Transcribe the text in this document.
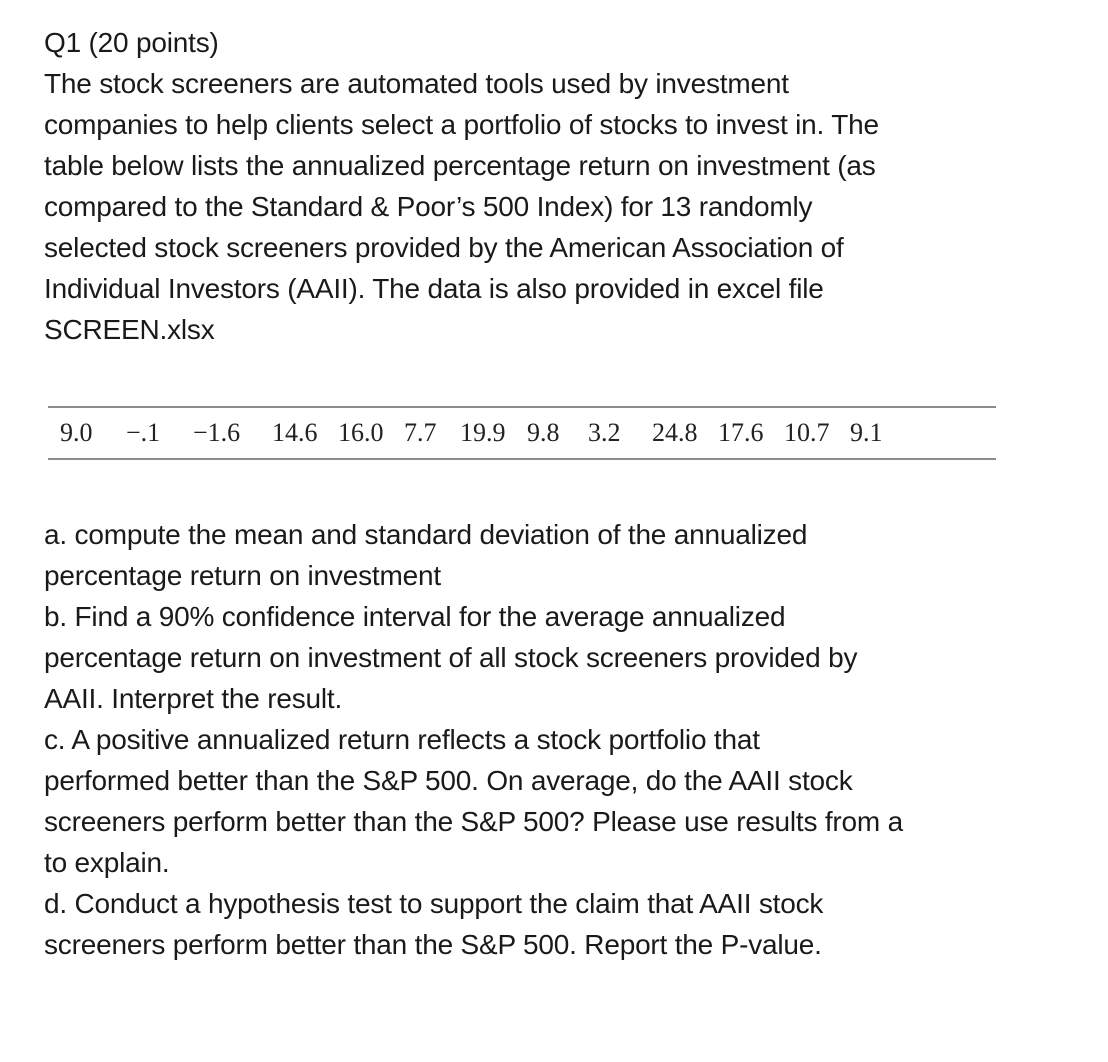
Q1 (20 points)

The stock screeners are automated tools used by investment

companies to help clients select a portfolio of stocks to invest in. The

table below lists the annualized percentage return on investment (as

compared to the Standard & Poor’s 500 Index) for 13 randomly

selected stock screeners provided by the American Association of

Individual Investors (AAII). The data is also provided in excel file

SCREEN.xlsx

9.0	−.1	−1.6	14.6 16.0 7.7 19.9 9.8	3.2	24.8 17.6 10.7 9.1

a. compute the mean and standard deviation of the annualized

percentage return on investment

b. Find a 90% confidence interval for the average annualized

percentage return on investment of all stock screeners provided by

AAII. Interpret the result.

c. A positive annualized return reflects a stock portfolio that

performed better than the S&P 500. On average, do the AAII stock

screeners perform better than the S&P 500? Please use results from a

to explain.

d. Conduct a hypothesis test to support the claim that AAII stock

screeners perform better than the S&P 500. Report the P-value.
